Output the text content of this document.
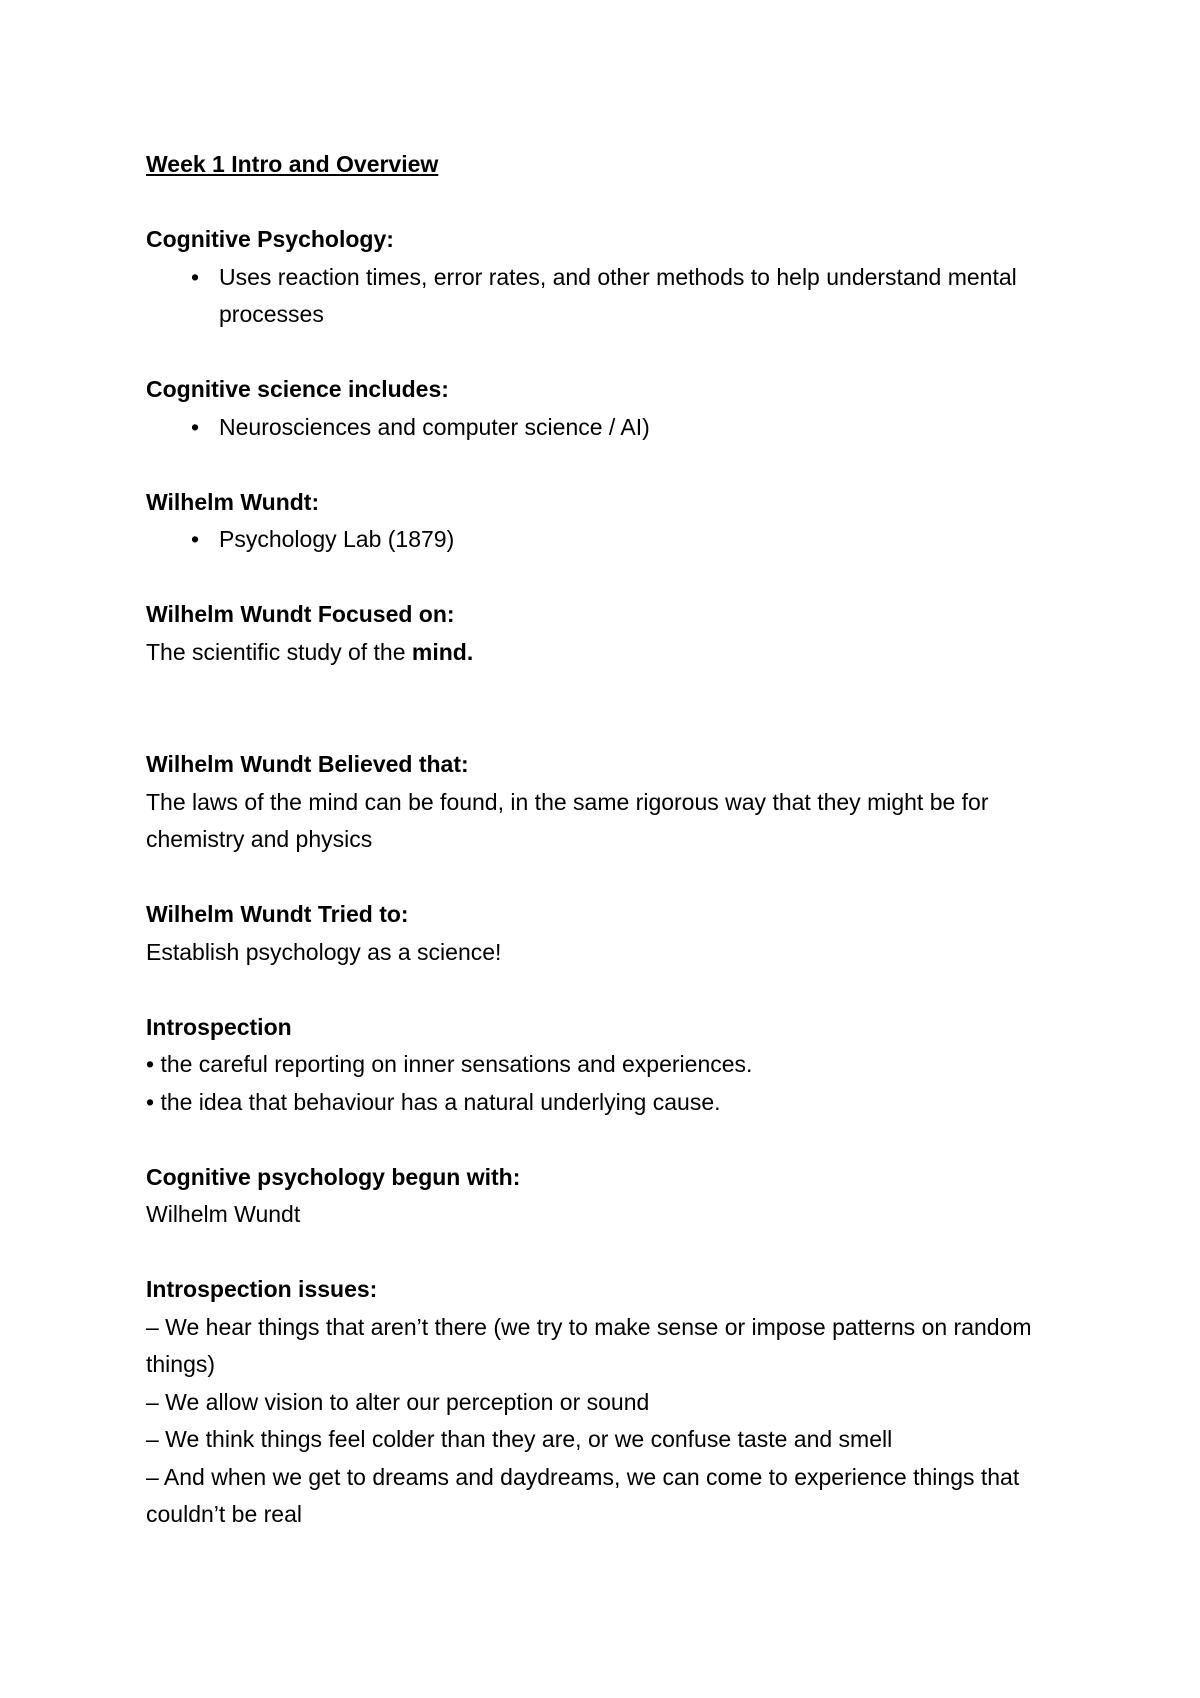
Week 1 Intro and Overview

Cognitive Psychology:

• Uses reaction times, error rates, and other methods to help understand mental processes

Cognitive science includes:

• Neurosciences and computer science / AI)

Wilhelm Wundt:

• Psychology Lab (1879)

Wilhelm Wundt Focused on:

The scientific study of the mind.

Wilhelm Wundt Believed that:

The laws of the mind can be found, in the same rigorous way that they might be for chemistry and physics

Wilhelm Wundt Tried to:

Establish psychology as a science!

Introspection

• the careful reporting on inner sensations and experiences.

• the idea that behaviour has a natural underlying cause.

Cognitive psychology begun with:

Wilhelm Wundt

Introspection issues:

– We hear things that aren’t there (we try to make sense or impose patterns on random things)

– We allow vision to alter our perception or sound

– We think things feel colder than they are, or we confuse taste and smell

– And when we get to dreams and daydreams, we can come to experience things that couldn’t be real
